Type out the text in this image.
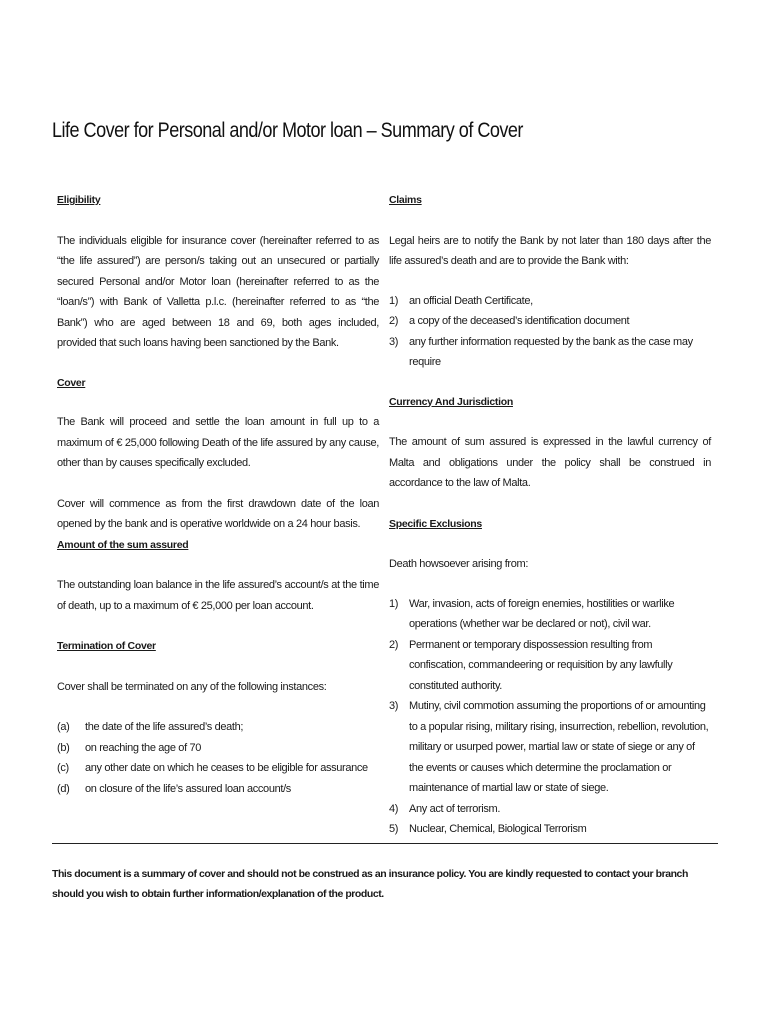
Life Cover for Personal and/or Motor loan – Summary of Cover
Eligibility
The individuals eligible for insurance cover (hereinafter referred to as “the life assured”) are person/s taking out an unsecured or partially secured Personal and/or Motor loan (hereinafter referred to as the “loan/s”) with Bank of Valletta p.l.c. (hereinafter referred to as “the Bank”) who are aged between 18 and 69, both ages included, provided that such loans having been sanctioned by the Bank.
Cover
The Bank will proceed and settle the loan amount in full up to a maximum of € 25,000 following Death of the life assured by any cause, other than by causes specifically excluded.
Cover will commence as from the first drawdown date of the loan opened by the bank and is operative worldwide on a 24 hour basis.
Amount of the sum assured
The outstanding loan balance in the life assured’s account/s at the time of death, up to a maximum of € 25,000 per loan account.
Termination of Cover
Cover shall be terminated on any of the following instances:
(a)	the date of the life assured’s death;
(b)	on reaching the age of 70
(c)	any other date on which he ceases to be eligible for assurance
(d)	on closure of the life’s assured loan account/s
Claims
Legal heirs are to notify the Bank by not later than 180 days after the life assured’s death and are to provide the Bank with:
1) an official Death Certificate,
2) a copy of the deceased’s identification document
3) any further information requested by the bank as the case may require
Currency And Jurisdiction
The amount of sum assured is expressed in the lawful currency of Malta and obligations under the policy shall be construed in accordance to the law of Malta.
Specific Exclusions
Death howsoever arising from:
1) War, invasion, acts of foreign enemies, hostilities or warlike operations (whether war be declared or not), civil war.
2) Permanent or temporary dispossession resulting from confiscation, commandeering or requisition by any lawfully constituted authority.
3) Mutiny, civil commotion assuming the proportions of or amounting to a popular rising, military rising, insurrection, rebellion, revolution, military or usurped power, martial law or state of siege or any of the events or causes which determine the proclamation or maintenance of martial law or state of siege.
4) Any act of terrorism.
5) Nuclear, Chemical, Biological Terrorism
This document is a summary of cover and should not be construed as an insurance policy. You are kindly requested to contact your branch should you wish to obtain further information/explanation of the product.
